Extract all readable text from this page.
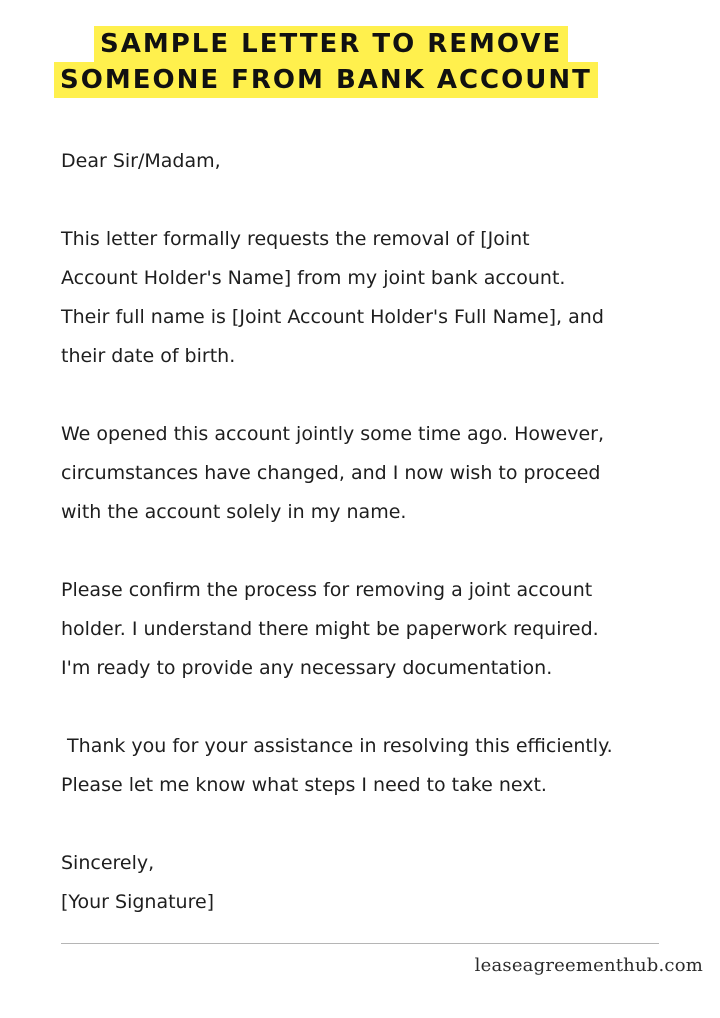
SAMPLE LETTER TO REMOVE
SOMEONE FROM BANK ACCOUNT
Dear Sir/Madam,
This letter formally requests the removal of [Joint
Account Holder's Name] from my joint bank account.
Their full name is [Joint Account Holder's Full Name], and
their date of birth.
We opened this account jointly some time ago. However,
circumstances have changed, and I now wish to proceed
with the account solely in my name.
Please confirm the process for removing a joint account
holder. I understand there might be paperwork required.
I'm ready to provide any necessary documentation.
Thank you for your assistance in resolving this efficiently.
Please let me know what steps I need to take next.
Sincerely,
[Your Signature]
leaseagreementhub.com
